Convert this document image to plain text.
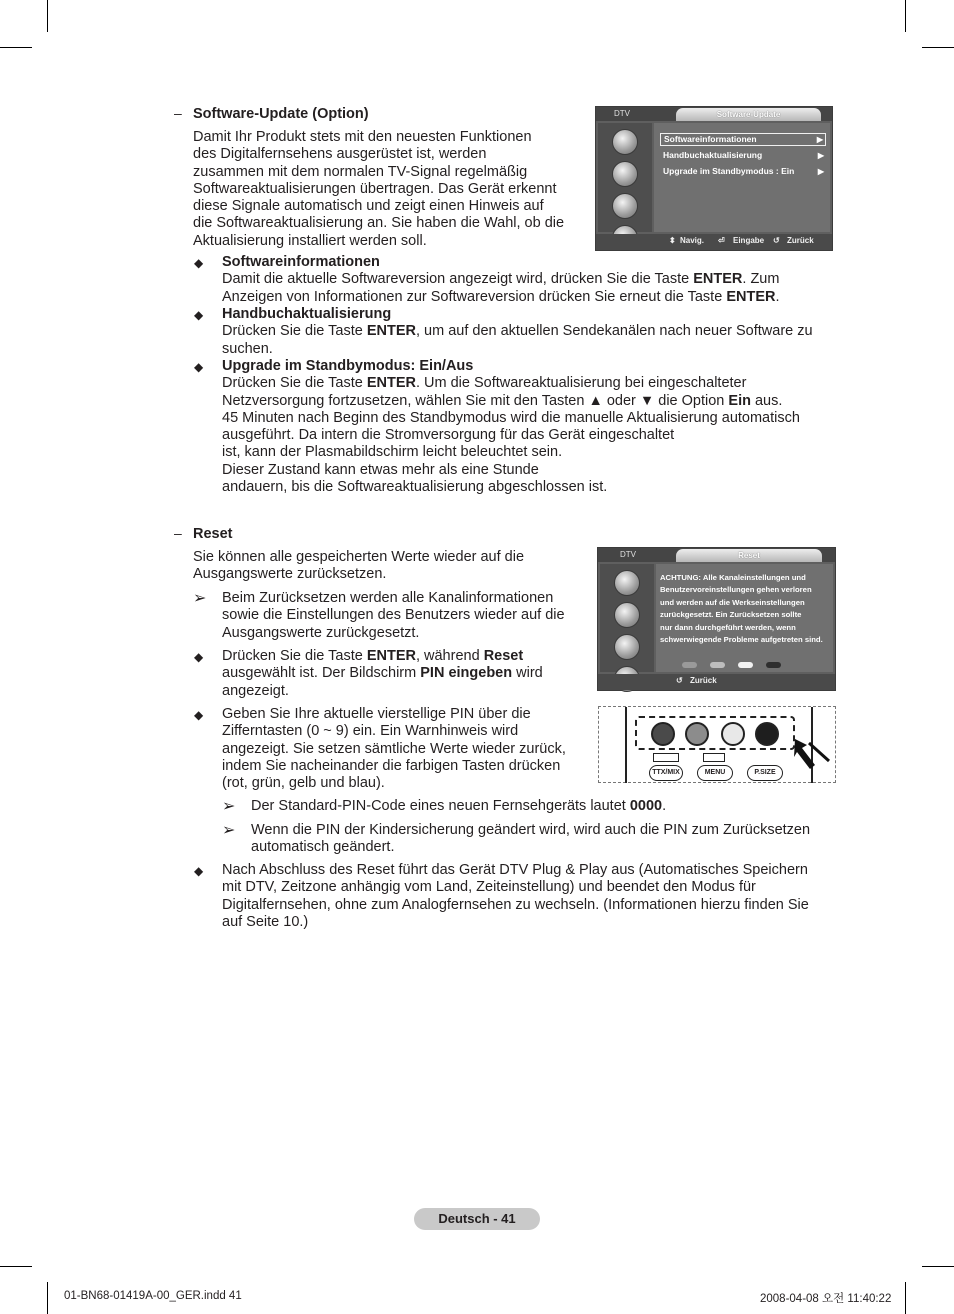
– Software-Update (Option)
Damit Ihr Produkt stets mit den neuesten Funktionen
des Digitalfernsehens ausgerüstet ist, werden
zusammen mit dem normalen TV-Signal regelmäßig
Softwareaktualisierungen übertragen. Das Gerät erkennt
diese Signale automatisch und zeigt einen Hinweis auf
die Softwareaktualisierung an. Sie haben die Wahl, ob die
Aktualisierung installiert werden soll.
◆ Softwareinformationen
Damit die aktuelle Softwareversion angezeigt wird, drücken Sie die Taste ENTER. Zum
Anzeigen von Informationen zur Softwareversion drücken Sie erneut die Taste ENTER.
◆ Handbuchaktualisierung
Drücken Sie die Taste ENTER, um auf den aktuellen Sendekanälen nach neuer Software zu
suchen.
◆ Upgrade im Standbymodus: Ein/Aus
Drücken Sie die Taste ENTER. Um die Softwareaktualisierung bei eingeschalteter
Netzversorgung fortzusetzen, wählen Sie mit den Tasten ▲ oder ▼ die Option Ein aus.
45 Minuten nach Beginn des Standbymodus wird die manuelle Aktualisierung automatisch
ausgeführt. Da intern die Stromversorgung für das Gerät eingeschaltet
ist, kann der Plasmabildschirm leicht beleuchtet sein.
Dieser Zustand kann etwas mehr als eine Stunde
andauern, bis die Softwareaktualisierung abgeschlossen ist.
DTV	Software-Update
Softwareinformationen	▶
Handbuchaktualisierung	▶
Upgrade im Standbymodus : Ein	▶
⬍ Navig. ⏎ Eingabe ↺ Zurück
– Reset
Sie können alle gespeicherten Werte wieder auf die
Ausgangswerte zurücksetzen.
➢ Beim Zurücksetzen werden alle Kanalinformationen
sowie die Einstellungen des Benutzers wieder auf die
Ausgangswerte zurückgesetzt.
◆ Drücken Sie die Taste ENTER, während Reset
ausgewählt ist. Der Bildschirm PIN eingeben wird
angezeigt.
◆ Geben Sie Ihre aktuelle vierstellige PIN über die
Zifferntasten (0 ~ 9) ein. Ein Warnhinweis wird
angezeigt. Sie setzen sämtliche Werte wieder zurück,
indem Sie nacheinander die farbigen Tasten drücken
(rot, grün, gelb und blau).
➢ Der Standard-PIN-Code eines neuen Fernsehgeräts lautet 0000.
➢ Wenn die PIN der Kindersicherung geändert wird, wird auch die PIN zum Zurücksetzen
automatisch geändert.
◆ Nach Abschluss des Reset führt das Gerät DTV Plug & Play aus (Automatisches Speichern
mit DTV, Zeitzone anhängig vom Land, Zeiteinstellung) und beendet den Modus für
Digitalfernsehen, ohne zum Analogfernsehen zu wechseln. (Informationen hierzu finden Sie
auf Seite 10.)
DTV	Reset
ACHTUNG: Alle Kanaleinstellungen und
Benutzervoreinstellungen gehen verloren
und werden auf die Werkseinstellungen
zurückgesetzt. Ein Zurücksetzen sollte
nur dann durchgeführt werden, wenn
schwerwiegende Probleme aufgetreten sind.
↺ Zurück
TTX/MIX	MENU	P.SIZE
Deutsch - 41
01-BN68-01419A-00_GER.indd 41	2008-04-08 오전 11:40:22
